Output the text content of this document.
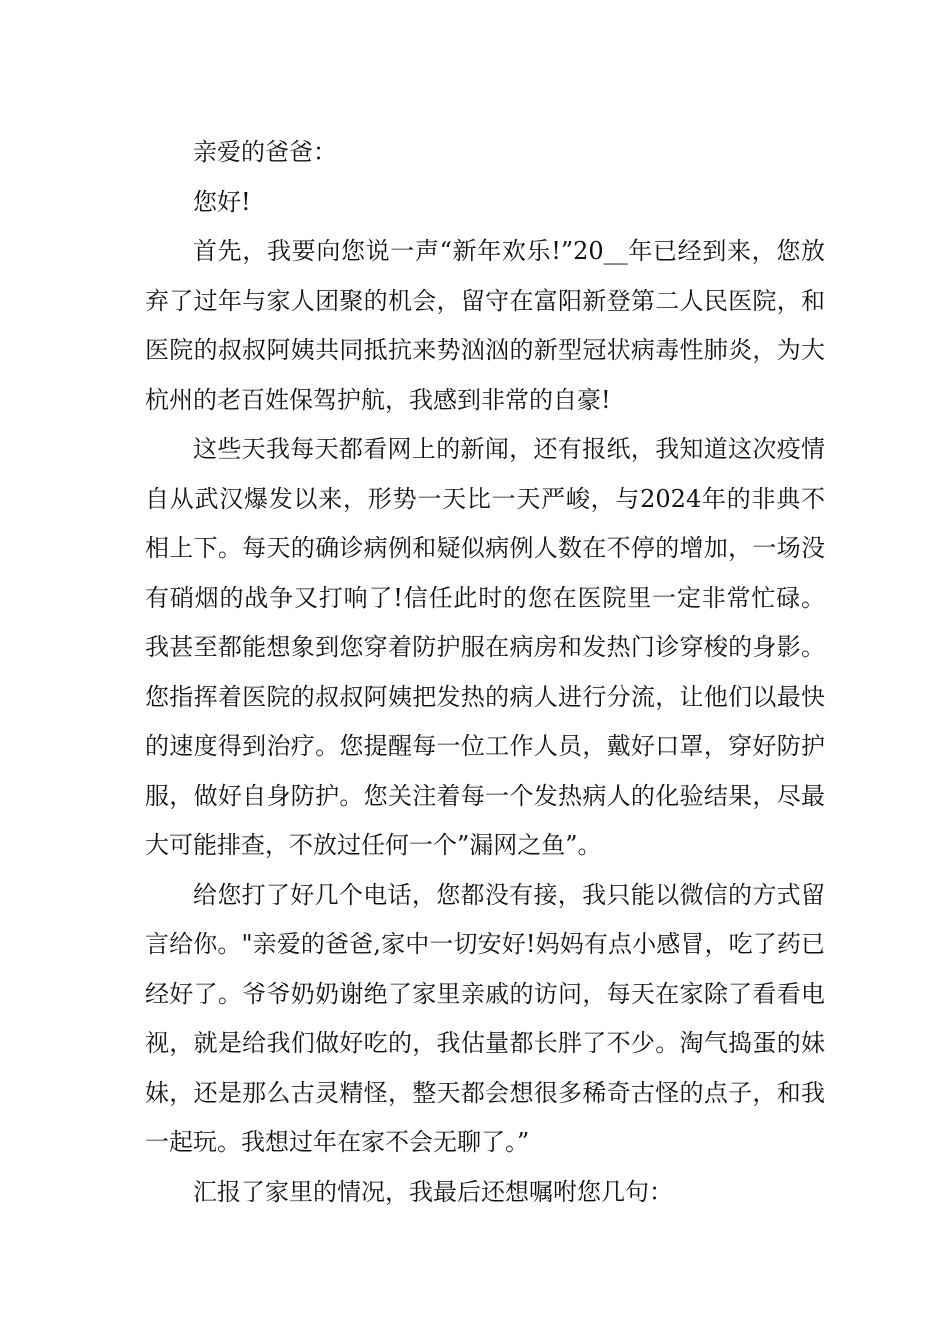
亲爱的爸爸：

您好!

首先，我要向您说一声“新年欢乐!”20__年已经到来，您放弃了过年与家人团聚的机会，留守在富阳新登第二人民医院，和医院的叔叔阿姨共同抵抗来势汹汹的新型冠状病毒性肺炎，为大杭州的老百姓保驾护航，我感到非常的自豪!

这些天我每天都看网上的新闻，还有报纸，我知道这次疫情自从武汉爆发以来，形势一天比一天严峻，与2024年的非典不相上下。每天的确诊病例和疑似病例人数在不停的增加，一场没有硝烟的战争又打响了!信任此时的您在医院里一定非常忙碌。我甚至都能想象到您穿着防护服在病房和发热门诊穿梭的身影。您指挥着医院的叔叔阿姨把发热的病人进行分流，让他们以最快的速度得到治疗。您提醒每一位工作人员，戴好口罩，穿好防护服，做好自身防护。您关注着每一个发热病人的化验结果，尽最大可能排查，不放过任何一个”漏网之鱼”。

给您打了好几个电话，您都没有接，我只能以微信的方式留言给你。"亲爱的爸爸,家中一切安好!妈妈有点小感冒，吃了药已经好了。爷爷奶奶谢绝了家里亲戚的访问，每天在家除了看看电视，就是给我们做好吃的，我估量都长胖了不少。淘气捣蛋的妹妹，还是那么古灵精怪，整天都会想很多稀奇古怪的点子，和我一起玩。我想过年在家不会无聊了。”

汇报了家里的情况，我最后还想嘱咐您几句：
